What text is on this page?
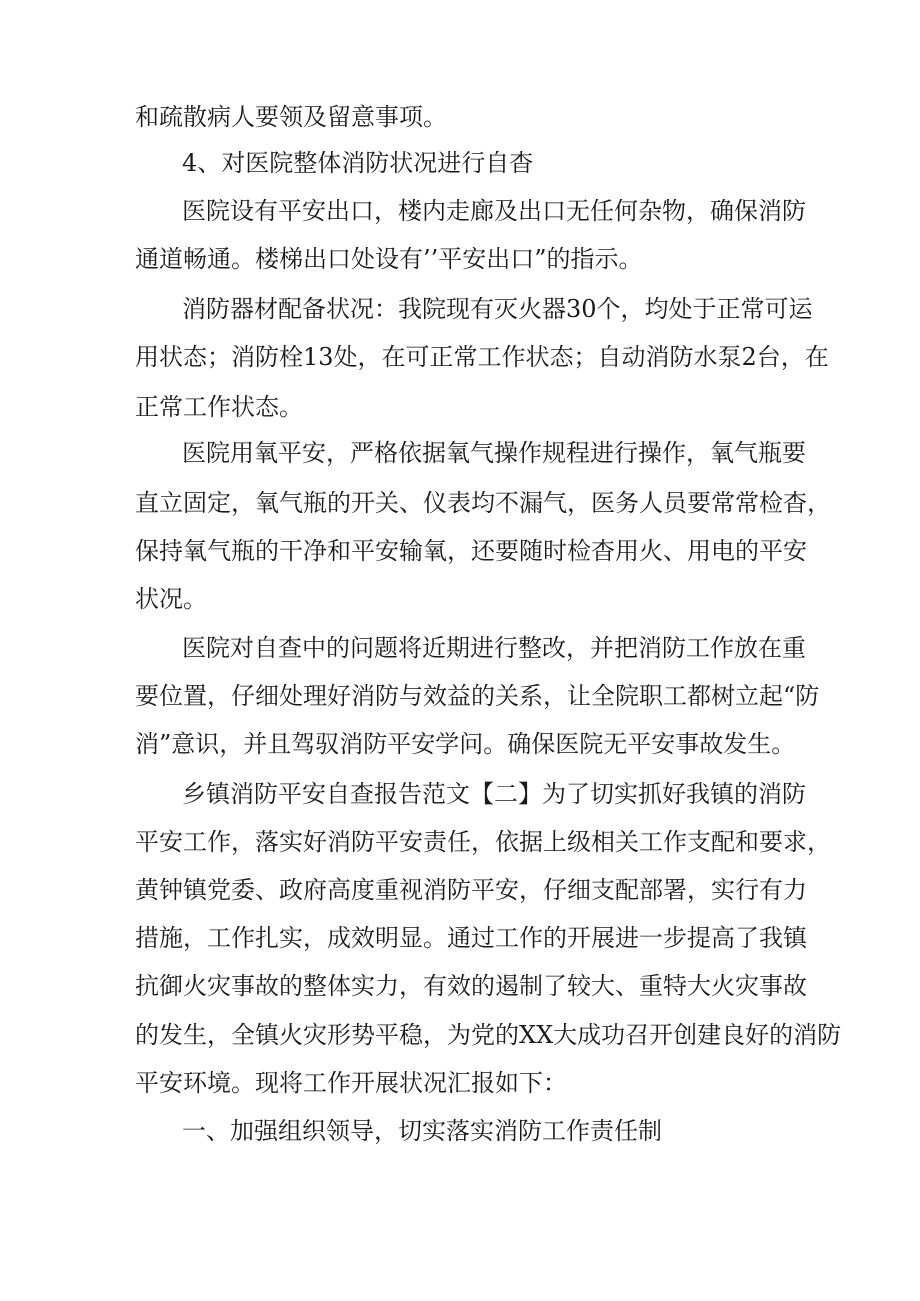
和疏散病人要领及留意事项。
4、对医院整体消防状况进行自杳
医院设有平安出口，楼内走廊及出口无任何杂物，确保消防
通道畅通。楼梯出口处设有’’平安出口”的指示。
消防器材配备状况：我院现有灭火器30个，均处于正常可运
用状态；消防栓13处，在可正常工作状态；自动消防水泵2台，在
正常工作状态。
医院用氧平安，严格依据氧气操作规程进行操作，氧气瓶要
直立固定，氧气瓶的开关、仪表均不漏气，医务人员要常常检杳，
保持氧气瓶的干净和平安输氧，还要随时检杳用火、用电的平安
状况。
医院对自查中的问题将近期进行整改，并把消防工作放在重
要位置，仔细处理好消防与效益的关系，让全院职工都树立起“防
消”意识，并且驾驭消防平安学问。确保医院无平安事故发生。
乡镇消防平安自查报告范文【二】为了切实抓好我镇的消防
平安工作，落实好消防平安责任，依据上级相关工作支配和要求，
黄钟镇党委、政府高度重视消防平安，仔细支配部署，实行有力
措施，工作扎实，成效明显。通过工作的开展进一步提高了我镇
抗御火灾事故的整体实力，有效的遏制了较大、重特大火灾事故
的发生，全镇火灾形势平稳，为党的XX大成功召开创建良好的消防
平安环境。现将工作开展状况汇报如下：
一、加强组织领导，切实落实消防工作责任制
